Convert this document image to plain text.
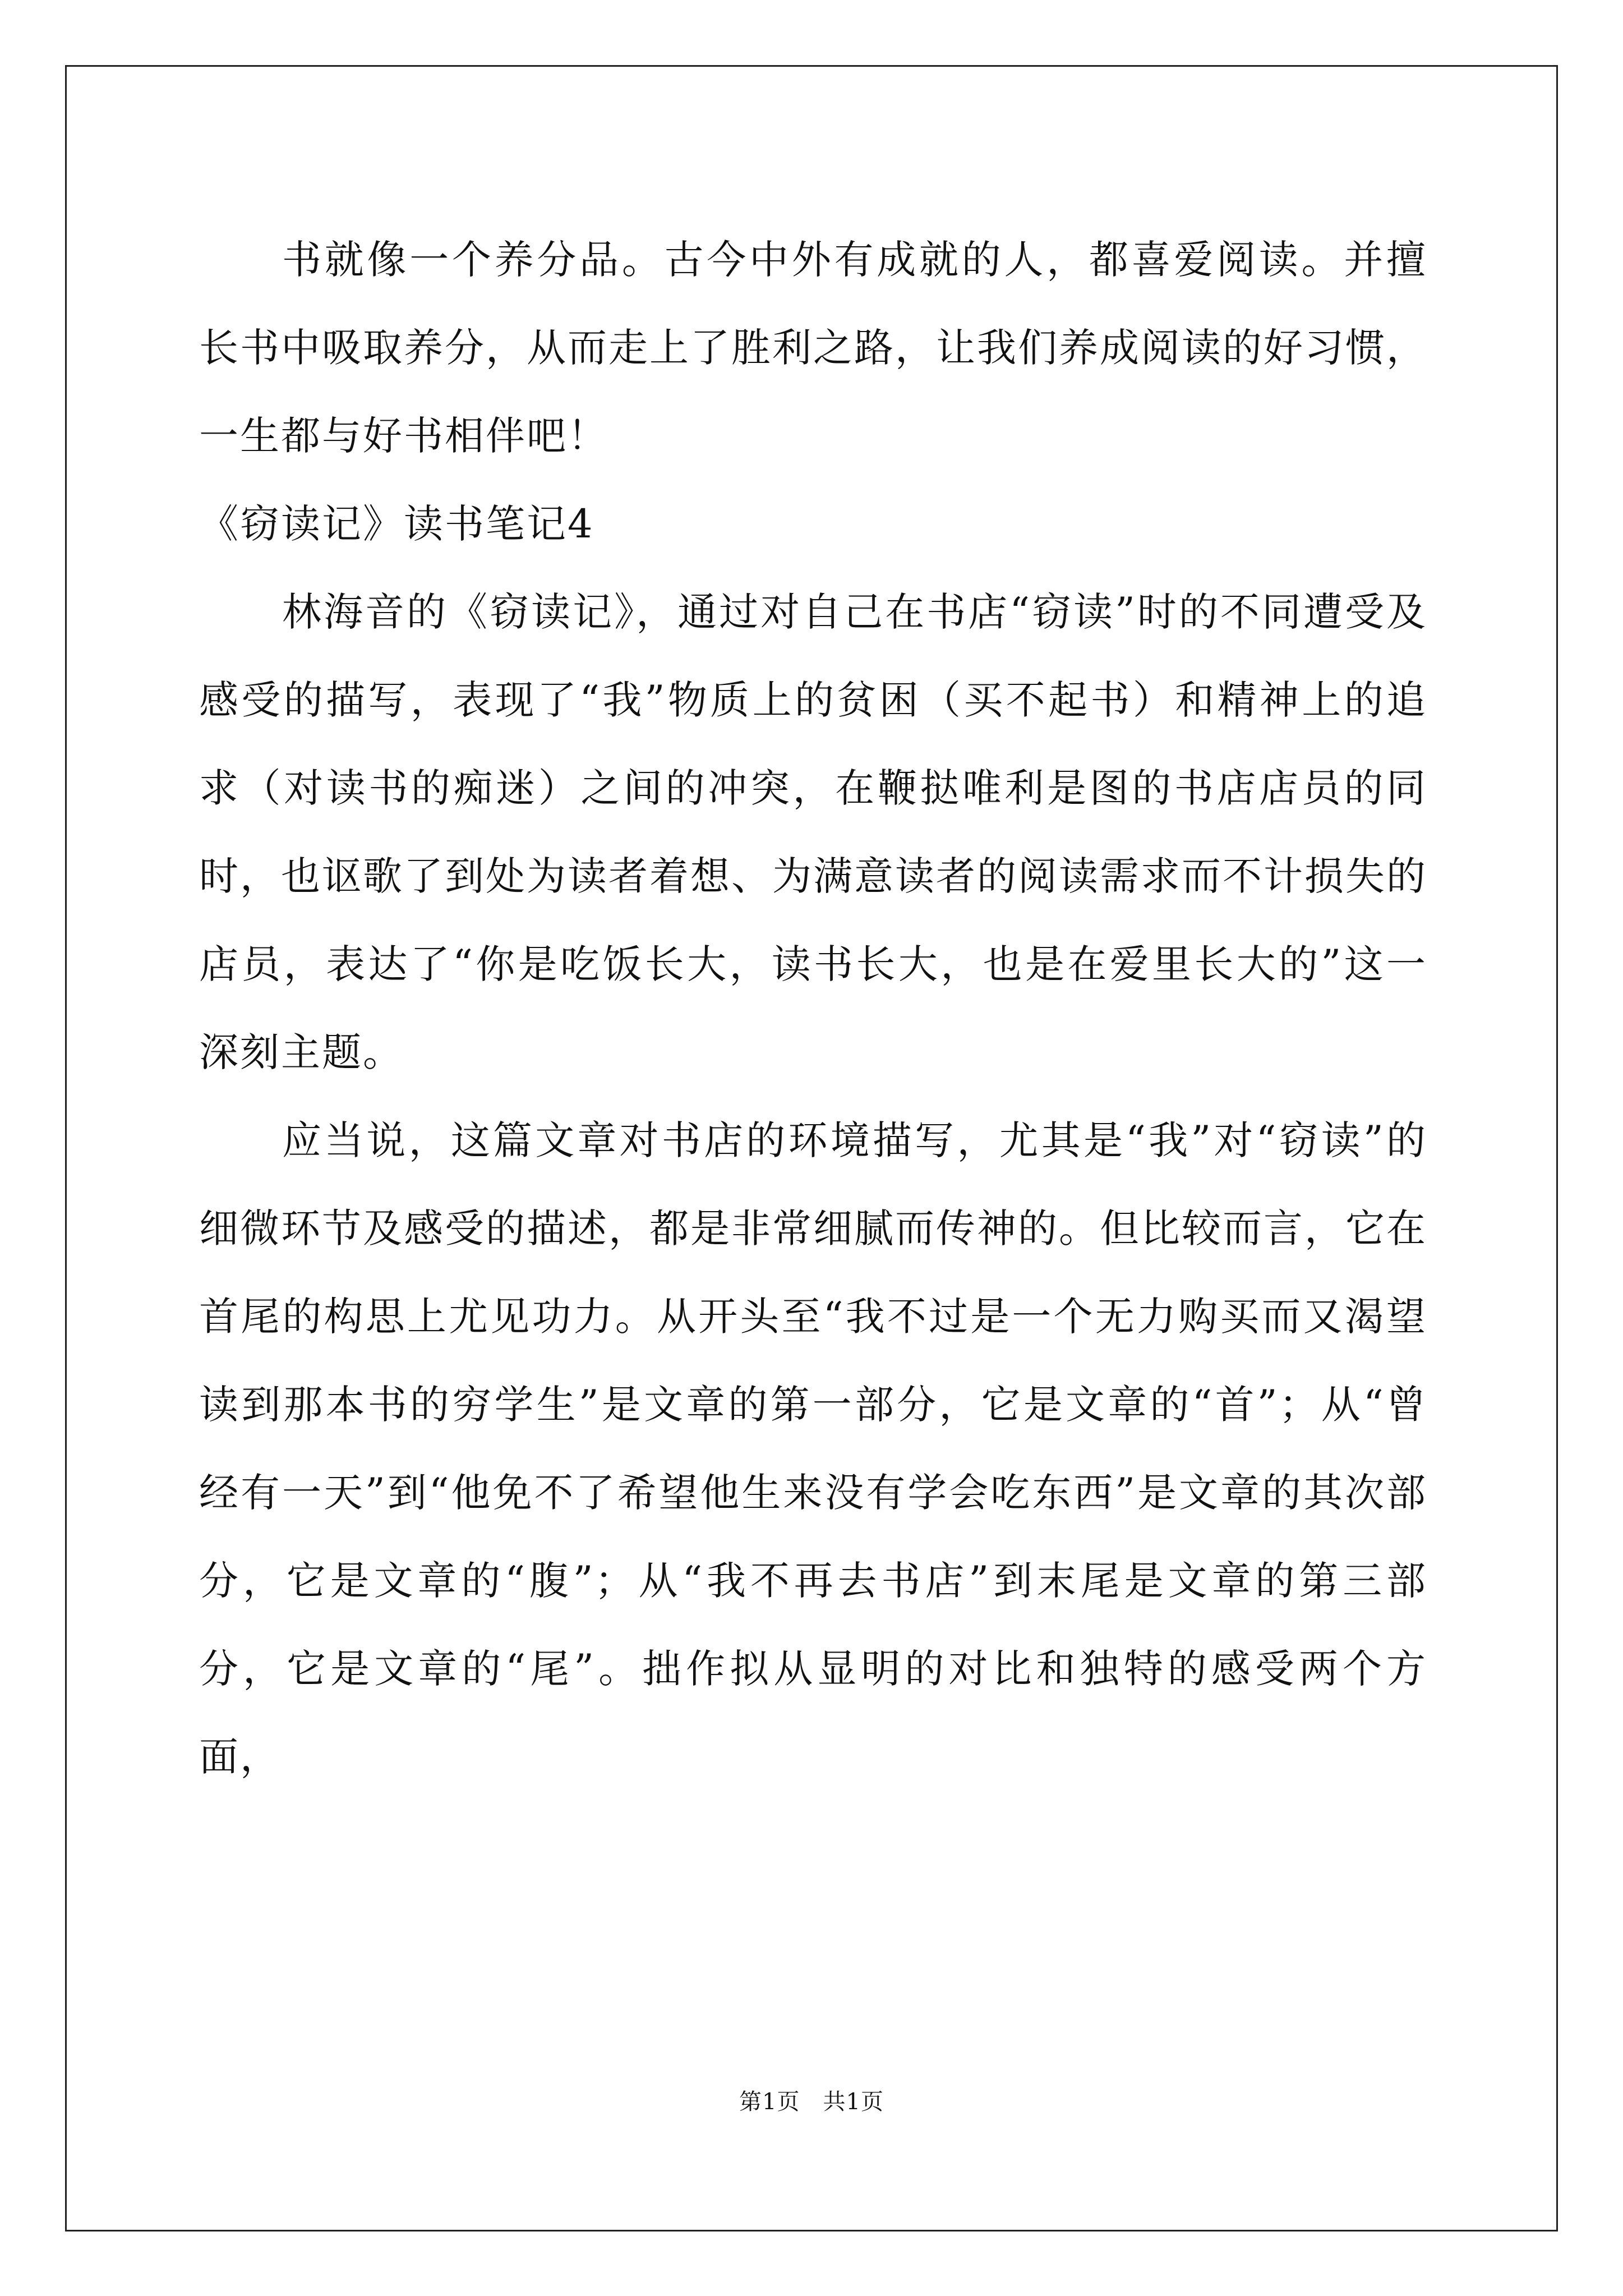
书就像一个养分品。古今中外有成就的人，都喜爱阅读。并擅长书中吸取养分，从而走上了胜利之路，让我们养成阅读的好习惯，一生都与好书相伴吧！

《窃读记》读书笔记4

林海音的《窃读记》，通过对自己在书店“窃读”时的不同遭受及感受的描写，表现了“我”物质上的贫困（买不起书）和精神上的追求（对读书的痴迷）之间的冲突，在鞭挞唯利是图的书店店员的同时，也讴歌了到处为读者着想、为满意读者的阅读需求而不计损失的店员，表达了“你是吃饭长大，读书长大，也是在爱里长大的”这一深刻主题。

应当说，这篇文章对书店的环境描写，尤其是“我”对“窃读”的细微环节及感受的描述，都是非常细腻而传神的。但比较而言，它在首尾的构思上尤见功力。从开头至“我不过是一个无力购买而又渴望读到那本书的穷学生”是文章的第一部分，它是文章的“首”；从“曾经有一天”到“他免不了希望他生来没有学会吃东西”是文章的其次部分，它是文章的“腹”；从“我不再去书店”到末尾是文章的第三部分，它是文章的“尾”。拙作拟从显明的对比和独特的感受两个方面，

第1页　共1页
